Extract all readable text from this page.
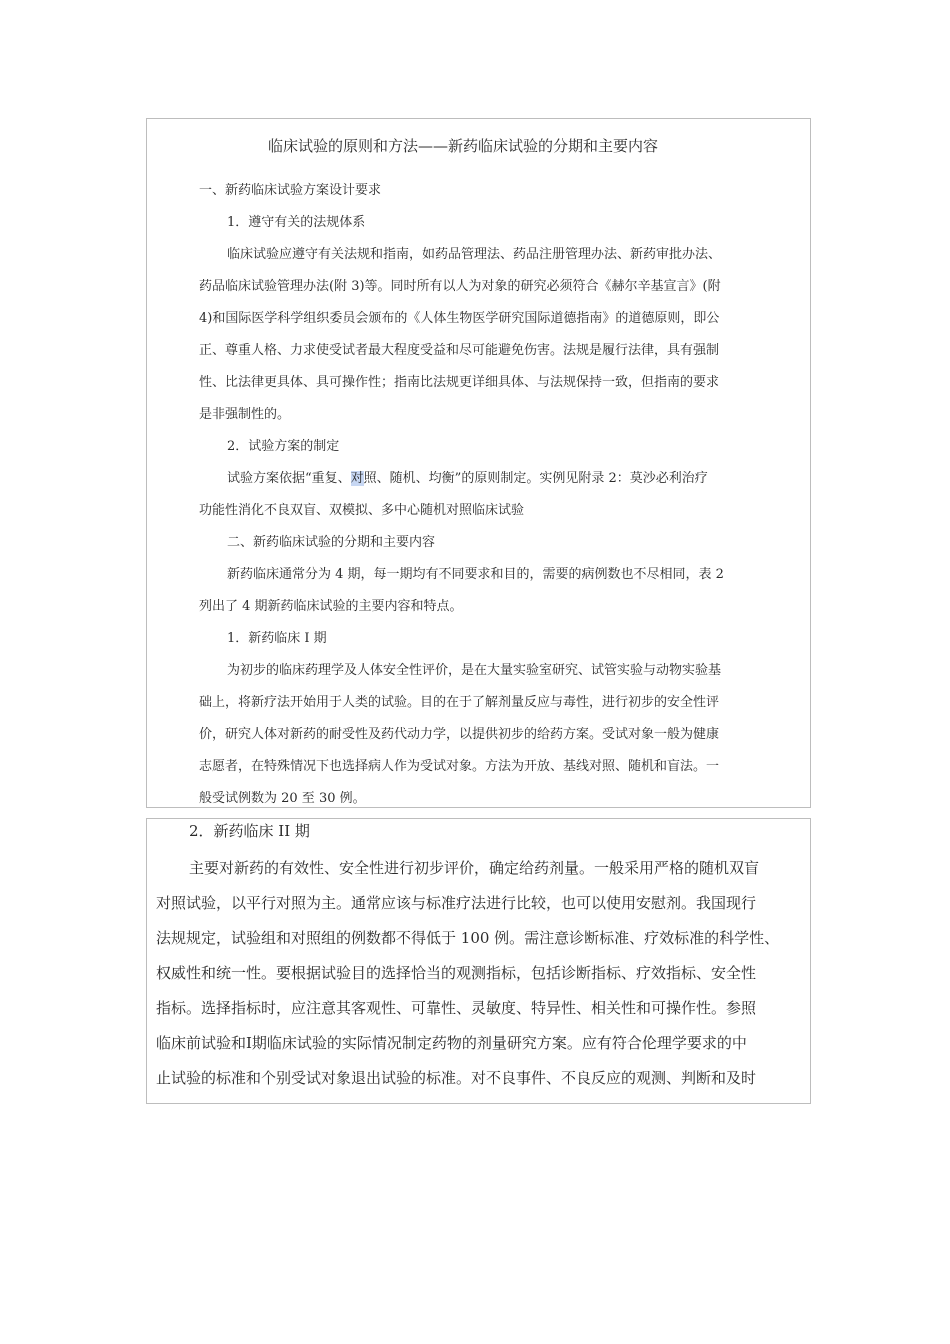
临床试验的原则和方法——新药临床试验的分期和主要内容
一、新药临床试验方案设计要求
1．遵守有关的法规体系
临床试验应遵守有关法规和指南，如药品管理法、药品注册管理办法、新药审批办法、
药品临床试验管理办法(附 3)等。同时所有以人为对象的研究必须符合《赫尔辛基宣言》(附
4)和国际医学科学组织委员会颁布的《人体生物医学研究国际道德指南》的道德原则，即公
正、尊重人格、力求使受试者最大程度受益和尽可能避免伤害。法规是履行法律，具有强制
性、比法律更具体、具可操作性；指南比法规更详细具体、与法规保持一致，但指南的要求
是非强制性的。
2．试验方案的制定
试验方案依据“重复、对照、随机、均衡”的原则制定。实例见附录 2：莫沙必利治疗
功能性消化不良双盲、双模拟、多中心随机对照临床试验
二、新药临床试验的分期和主要内容
新药临床通常分为 4 期，每一期均有不同要求和目的，需要的病例数也不尽相同，表 2
列出了 4 期新药临床试验的主要内容和特点。
1．新药临床 I 期
为初步的临床药理学及人体安全性评价，是在大量实验室研究、试管实验与动物实验基
础上，将新疗法开始用于人类的试验。目的在于了解剂量反应与毒性，进行初步的安全性评
价，研究人体对新药的耐受性及药代动力学，以提供初步的给药方案。受试对象一般为健康
志愿者，在特殊情况下也选择病人作为受试对象。方法为开放、基线对照、随机和盲法。一
般受试例数为 20 至 30 例。
2．新药临床 II 期
主要对新药的有效性、安全性进行初步评价，确定给药剂量。一般采用严格的随机双盲
对照试验，以平行对照为主。通常应该与标准疗法进行比较，也可以使用安慰剂。我国现行
法规规定，试验组和对照组的例数都不得低于 100 例。需注意诊断标准、疗效标准的科学性、
权威性和统一性。要根据试验目的选择恰当的观测指标，包括诊断指标、疗效指标、安全性
指标。选择指标时，应注意其客观性、可靠性、灵敏度、特异性、相关性和可操作性。参照
临床前试验和Ⅰ期临床试验的实际情况制定药物的剂量研究方案。应有符合伦理学要求的中
止试验的标准和个别受试对象退出试验的标准。对不良事件、不良反应的观测、判断和及时
